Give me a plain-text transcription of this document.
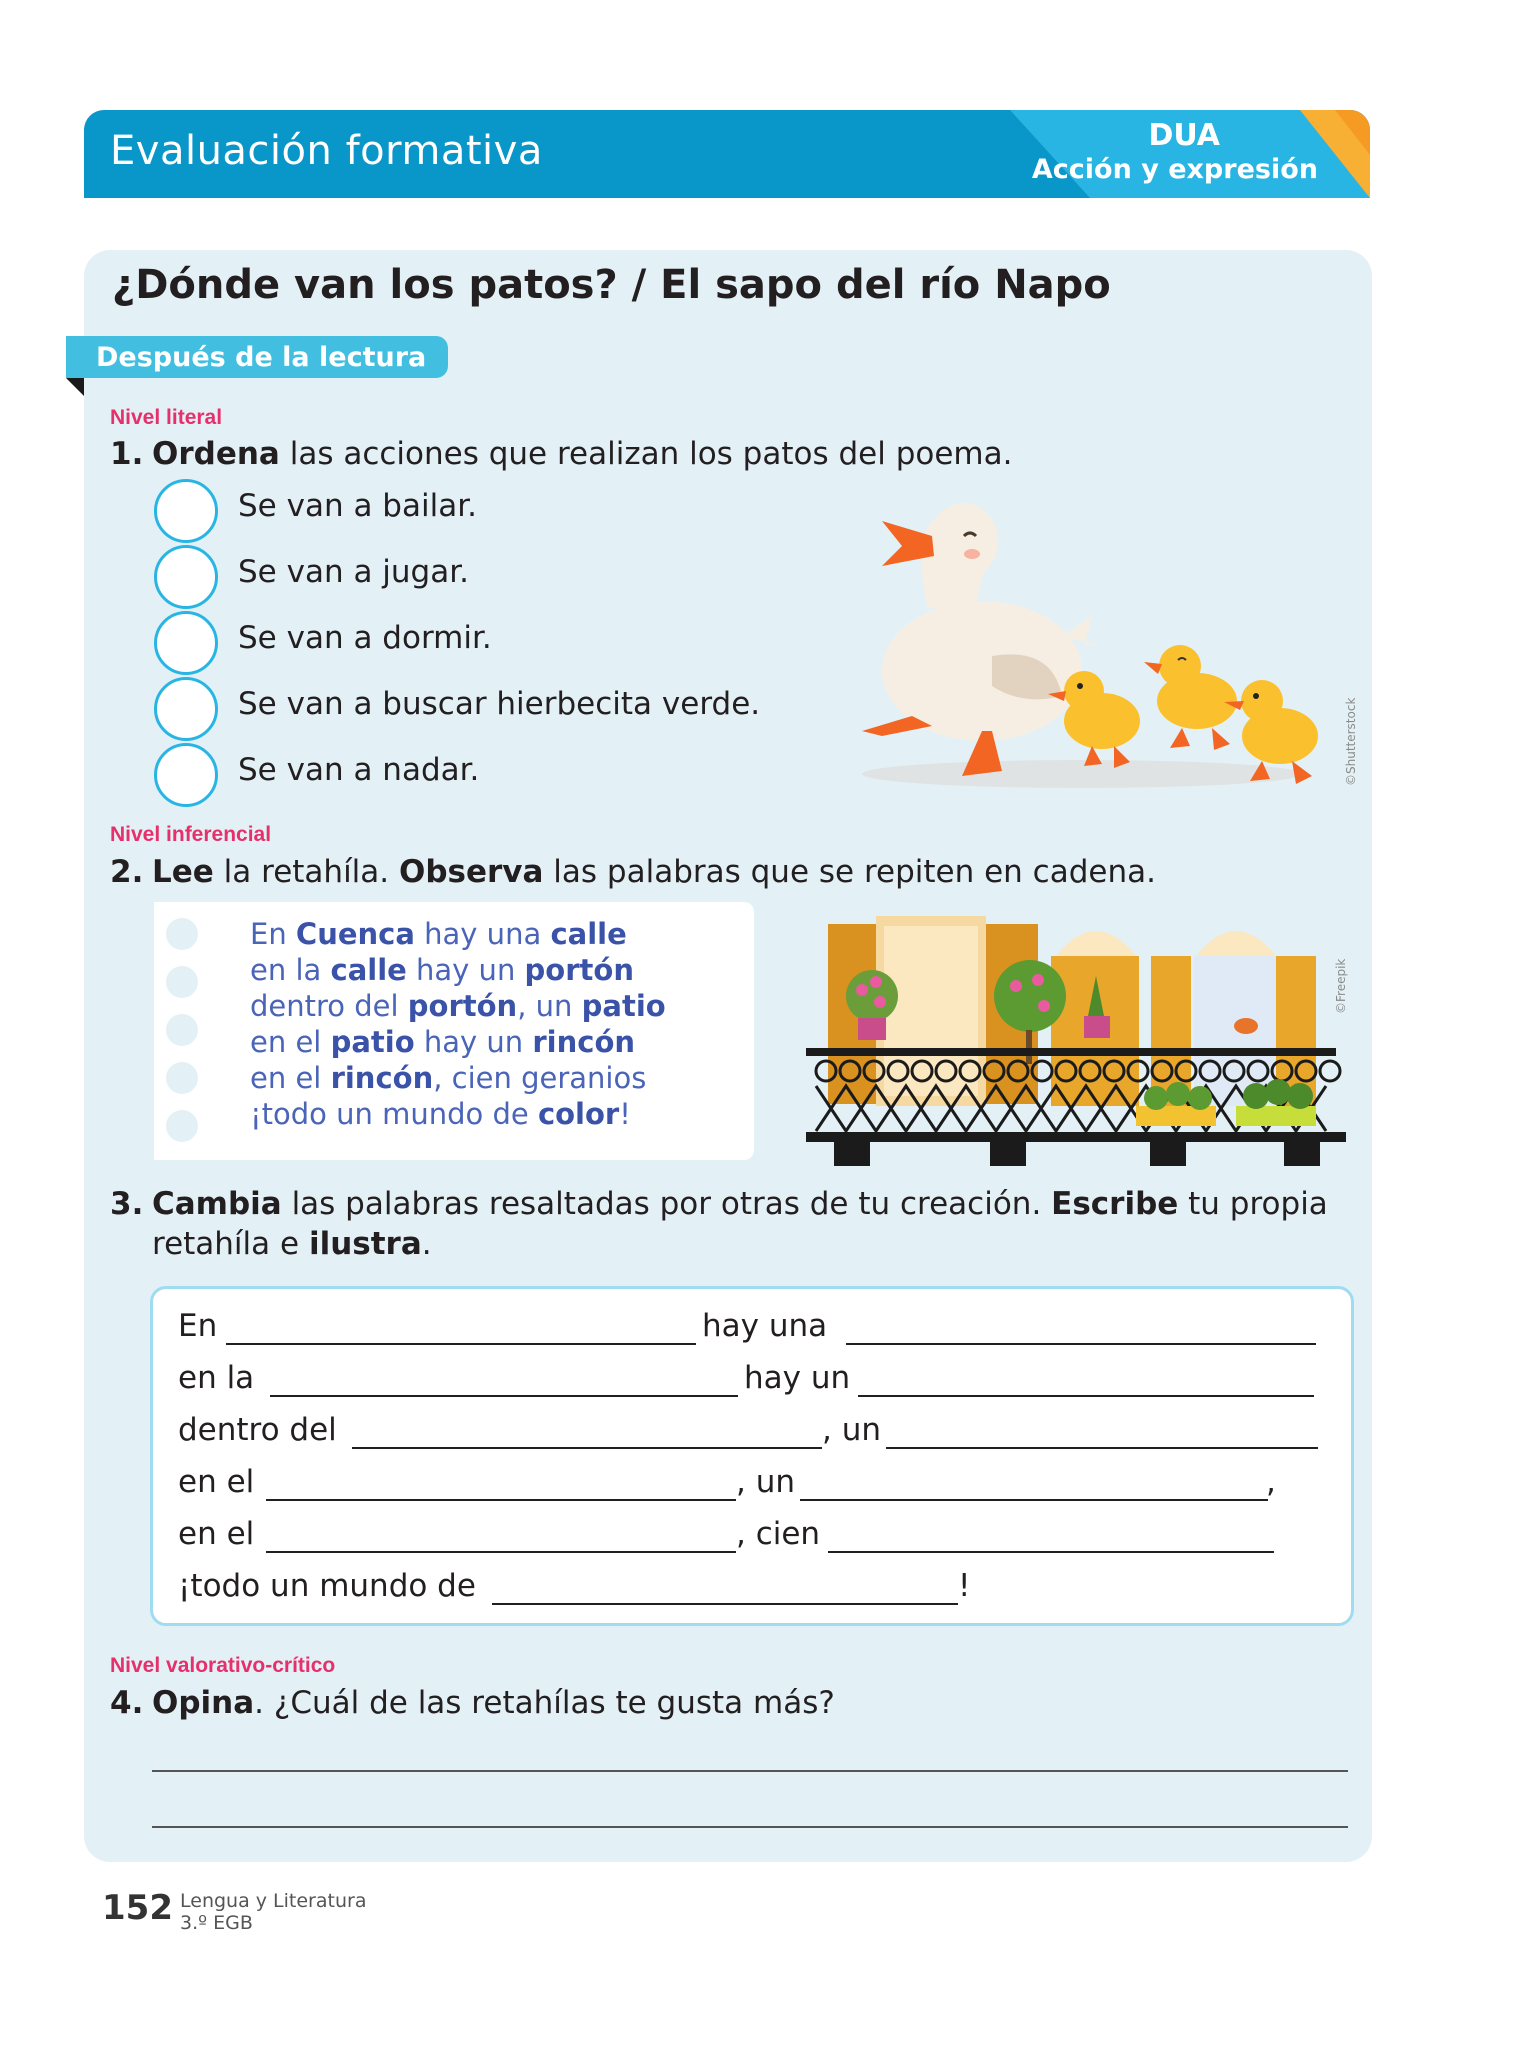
Evaluación formativa	DUA
Acción y expresión
¿Dónde van los patos? / El sapo del río Napo
Después de la lectura
Nivel literal
1. Ordena las acciones que realizan los patos del poema.
Se van a bailar.
Se van a jugar.
Se van a dormir.
Se van a buscar hierbecita verde.
Se van a nadar.	©Shutterstock
Nivel inferencial
2. Lee la retahíla. Observa las palabras que se repiten en cadena.
En Cuenca hay una calle
en la calle hay un portón
dentro del portón, un patio
en el patio hay un rincón
en el rincón, cien geranios
¡todo un mundo de color!
©Freepik
3. Cambia las palabras resaltadas por otras de tu creación. Escribe tu propia
retahíla e ilustra.
En	hay una
en la	hay un
dentro del	, un
en el	, un	,
en el	, cien
¡todo un mundo de	!
Nivel valorativo-crítico
4. Opina. ¿Cuál de las retahílas te gusta más?
152 Lengua y Literatura
3.º EGB
